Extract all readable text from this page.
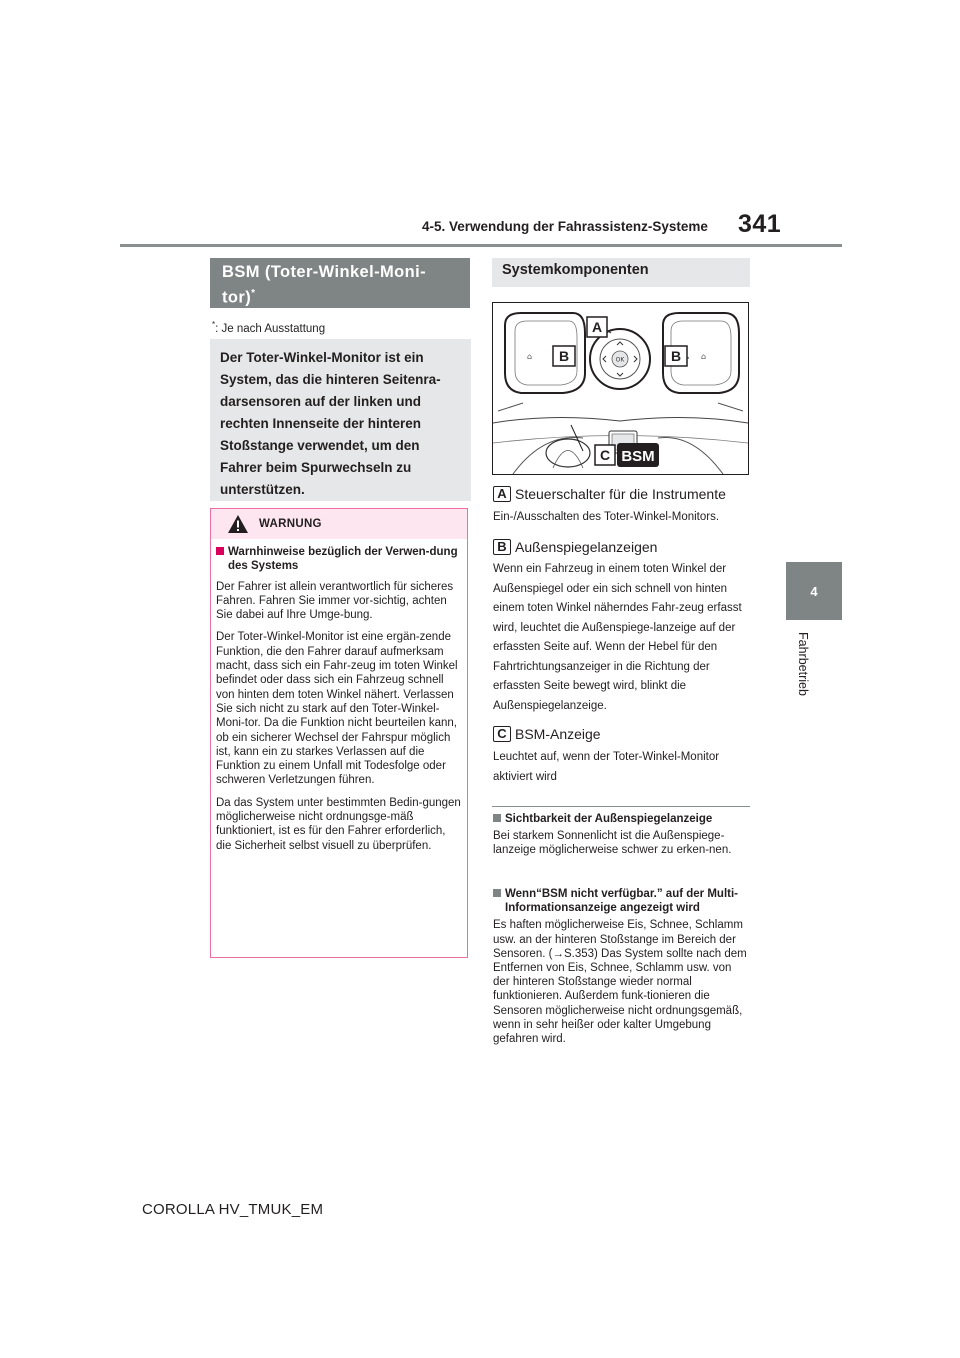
4-5. Verwendung der Fahrassistenz-Systeme 341
4
Fahrbetrieb
BSM (Toter-Winkel-Moni-
tor)*
*: Je nach Ausstattung

Der Toter-Winkel-Monitor ist ein
System, das die hinteren Seitenra-
darsensoren auf der linken und
rechten Innenseite der hinteren
Stoßstange verwendet, um den
Fahrer beim Spurwechseln zu
unterstützen.

WARNUNG

Warnhinweise bezüglich der Verwen-dung des Systems

Der Fahrer ist allein verantwortlich für sicheres Fahren. Fahren Sie immer vor-sichtig, achten Sie dabei auf Ihre Umge-bung.

Der Toter-Winkel-Monitor ist eine ergän-zende Funktion, die den Fahrer darauf aufmerksam macht, dass sich ein Fahr-zeug im toten Winkel befindet oder dass sich ein Fahrzeug schnell von hinten dem toten Winkel nähert. Verlassen Sie sich nicht zu stark auf den Toter-Winkel-Moni-tor. Da die Funktion nicht beurteilen kann, ob ein sicherer Wechsel der Fahrspur möglich ist, kann ein zu starkes Verlassen auf die Funktion zu einem Unfall mit Todesfolge oder schweren Verletzungen führen.

Da das System unter bestimmten Bedin-gungen möglicherweise nicht ordnungsge-mäß funktioniert, ist es für den Fahrer erforderlich, die Sicherheit selbst visuell zu überprüfen.

Systemkomponenten
⌂	⌂
OK
A
B	B
C BSM
A Steuerschalter für die Instrumente
Ein-/Ausschalten des Toter-Winkel-Monitors.
B Außenspiegelanzeigen
Wenn ein Fahrzeug in einem toten Winkel der Außenspiegel oder ein sich schnell von hinten einem toten Winkel näherndes Fahr-zeug erfasst wird, leuchtet die Außenspiege-lanzeige auf der erfassten Seite auf. Wenn der Hebel für den Fahrtrichtungsanzeiger in die Richtung der erfassten Seite bewegt wird, blinkt die Außenspiegelanzeige.
C BSM-Anzeige
Leuchtet auf, wenn der Toter-Winkel-Monitor aktiviert wird

Sichtbarkeit der Außenspiegelanzeige

Bei starkem Sonnenlicht ist die Außenspiege-lanzeige möglicherweise schwer zu erken-nen.

Wenn“BSM nicht verfügbar.” auf der Multi-Informationsanzeige angezeigt wird

Es haften möglicherweise Eis, Schnee, Schlamm usw. an der hinteren Stoßstange im Bereich der Sensoren. (→S.353) Das System sollte nach dem Entfernen von Eis, Schnee, Schlamm usw. von der hinteren Stoßstange wieder normal funktionieren. Außerdem funk-tionieren die Sensoren möglicherweise nicht ordnungsgemäß, wenn in sehr heißer oder kalter Umgebung gefahren wird.

COROLLA HV_TMUK_EM
